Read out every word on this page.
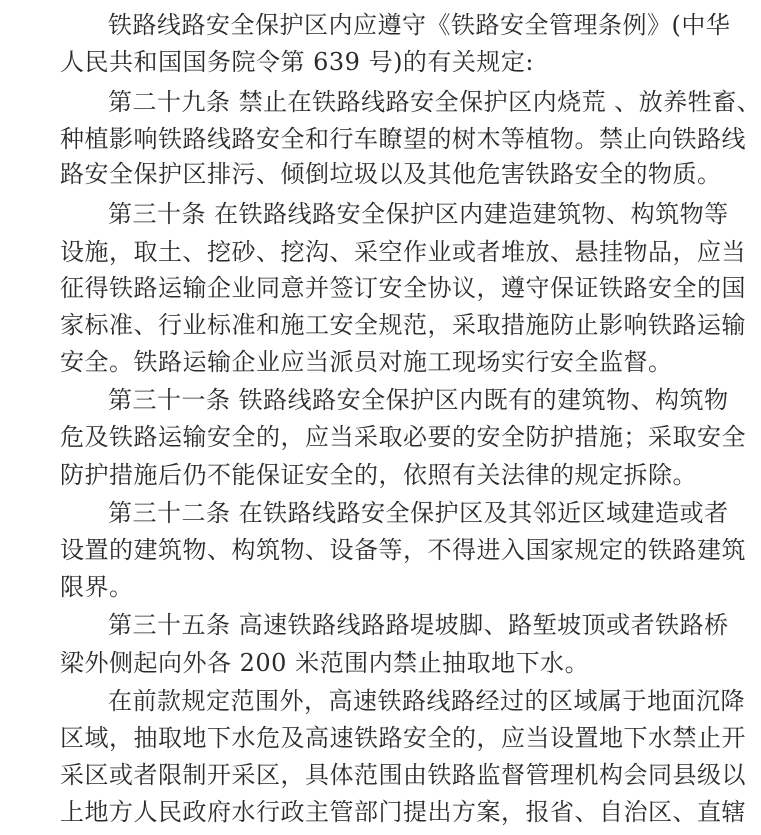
铁路线路安全保护区内应遵守《铁路安全管理条例》(中华
人民共和国国务院令第 639 号)的有关规定:
第二十九条 禁止在铁路线路安全保护区内烧荒 、放养牲畜、
种植影响铁路线路安全和行车瞭望的树木等植物。禁止向铁路线
路安全保护区排污、倾倒垃圾以及其他危害铁路安全的物质。
第三十条 在铁路线路安全保护区内建造建筑物、构筑物等
设施，取土、挖砂、挖沟、采空作业或者堆放、悬挂物品，应当
征得铁路运输企业同意并签订安全协议，遵守保证铁路安全的国
家标准、行业标准和施工安全规范，采取措施防止影响铁路运输
安全。铁路运输企业应当派员对施工现场实行安全监督。
第三十一条 铁路线路安全保护区内既有的建筑物、构筑物
危及铁路运输安全的，应当采取必要的安全防护措施；采取安全
防护措施后仍不能保证安全的，依照有关法律的规定拆除。
第三十二条 在铁路线路安全保护区及其邻近区域建造或者
设置的建筑物、构筑物、设备等，不得进入国家规定的铁路建筑
限界。
第三十五条 高速铁路线路路堤坡脚、路堑坡顶或者铁路桥
梁外侧起向外各 200 米范围内禁止抽取地下水。
在前款规定范围外，高速铁路线路经过的区域属于地面沉降
区域，抽取地下水危及高速铁路安全的，应当设置地下水禁止开
采区或者限制开采区，具体范围由铁路监督管理机构会同县级以
上地方人民政府水行政主管部门提出方案，报省、自治区、直辖
